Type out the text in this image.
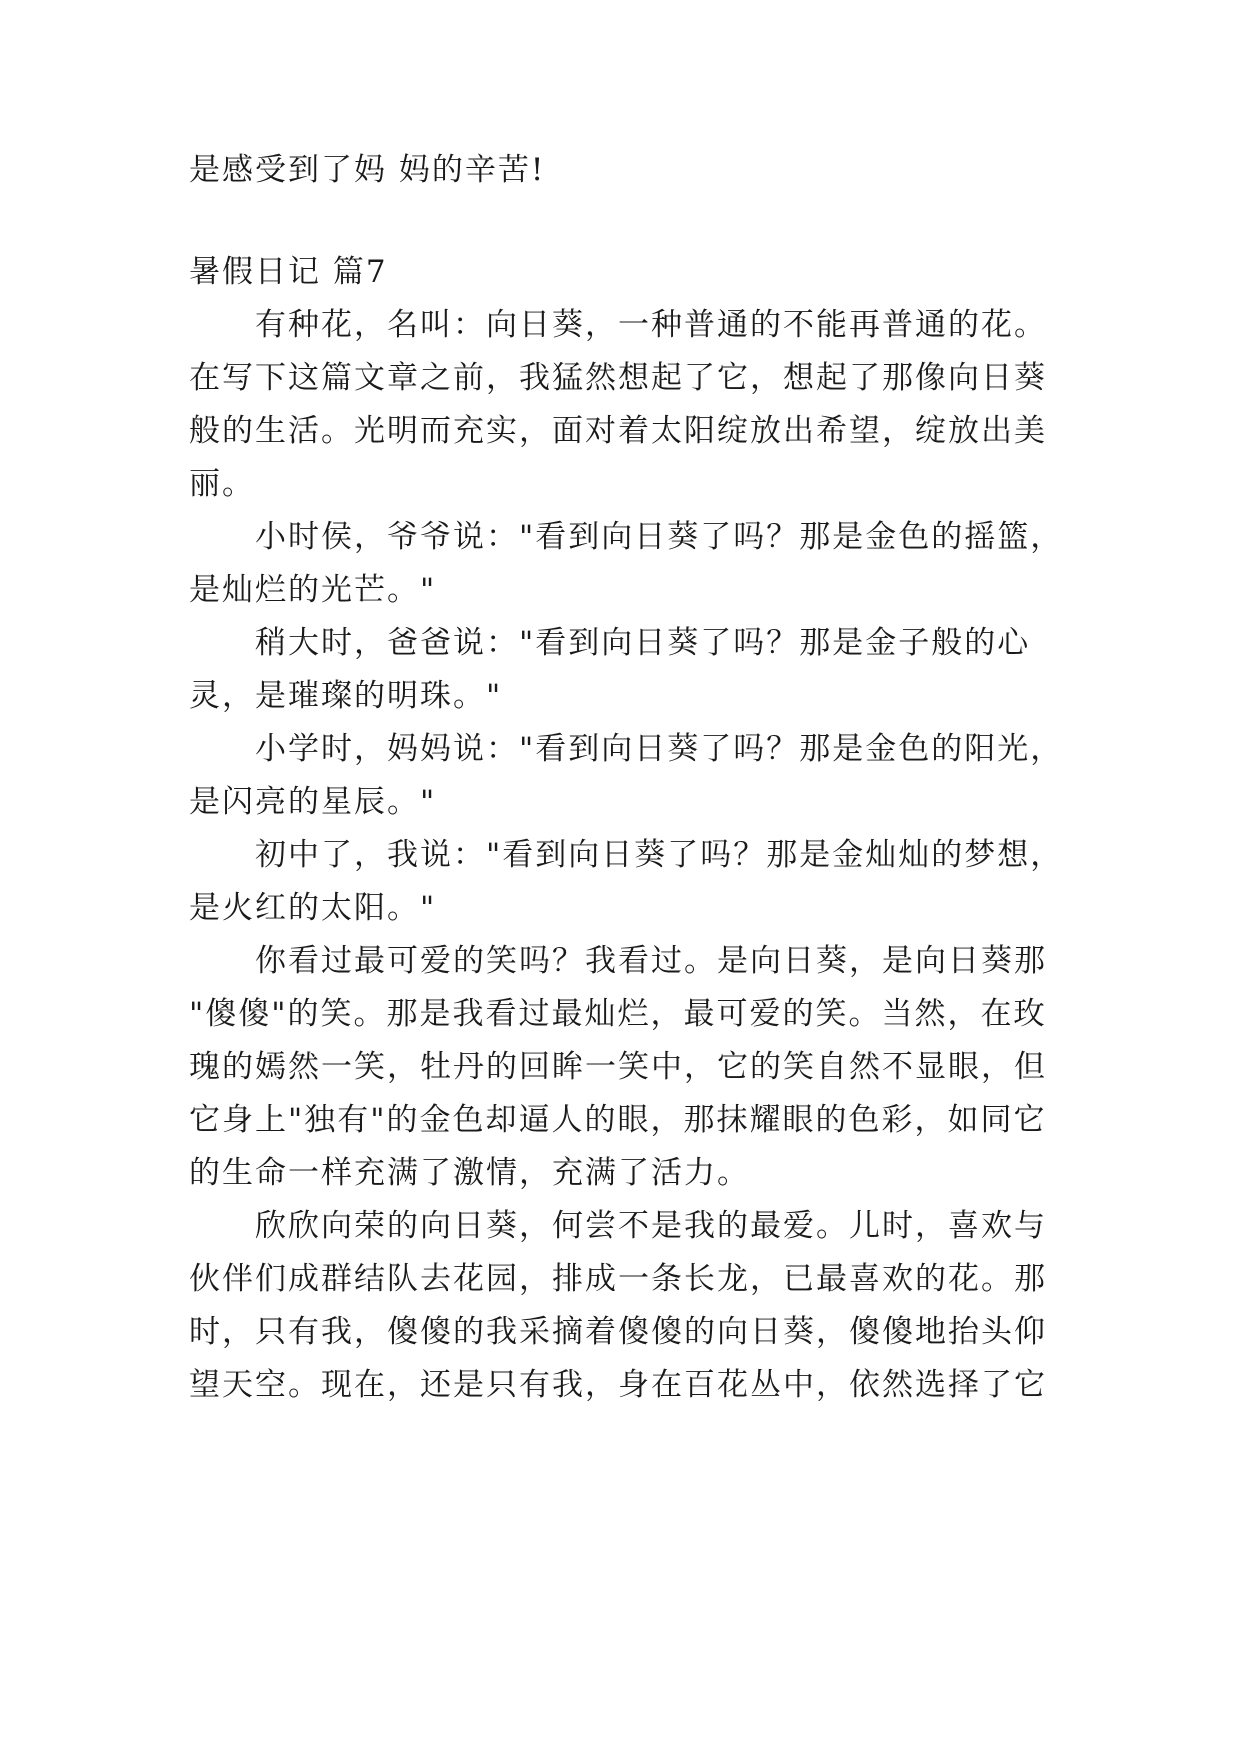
是感受到了妈 妈的辛苦!
暑假日记 篇7
有种花，名叫：向日葵，一种普通的不能再普通的花。
在写下这篇文章之前，我猛然想起了它，想起了那像向日葵
般的生活。光明而充实，面对着太阳绽放出希望，绽放出美
丽。
小时侯，爷爷说："看到向日葵了吗？那是金色的摇篮，
是灿烂的光芒。"
稍大时，爸爸说："看到向日葵了吗？那是金子般的心
灵，是璀璨的明珠。"
小学时，妈妈说："看到向日葵了吗？那是金色的阳光，
是闪亮的星辰。"
初中了，我说："看到向日葵了吗？那是金灿灿的梦想，
是火红的太阳。"
你看过最可爱的笑吗？我看过。是向日葵，是向日葵那
"傻傻"的笑。那是我看过最灿烂，最可爱的笑。当然，在玫
瑰的嫣然一笑，牡丹的回眸一笑中，它的笑自然不显眼，但
它身上"独有"的金色却逼人的眼，那抹耀眼的色彩，如同它
的生命一样充满了激情，充满了活力。
欣欣向荣的向日葵，何尝不是我的最爱。儿时，喜欢与
伙伴们成群结队去花园，排成一条长龙，已最喜欢的花。那
时，只有我，傻傻的我采摘着傻傻的向日葵，傻傻地抬头仰
望天空。现在，还是只有我，身在百花丛中，依然选择了它
